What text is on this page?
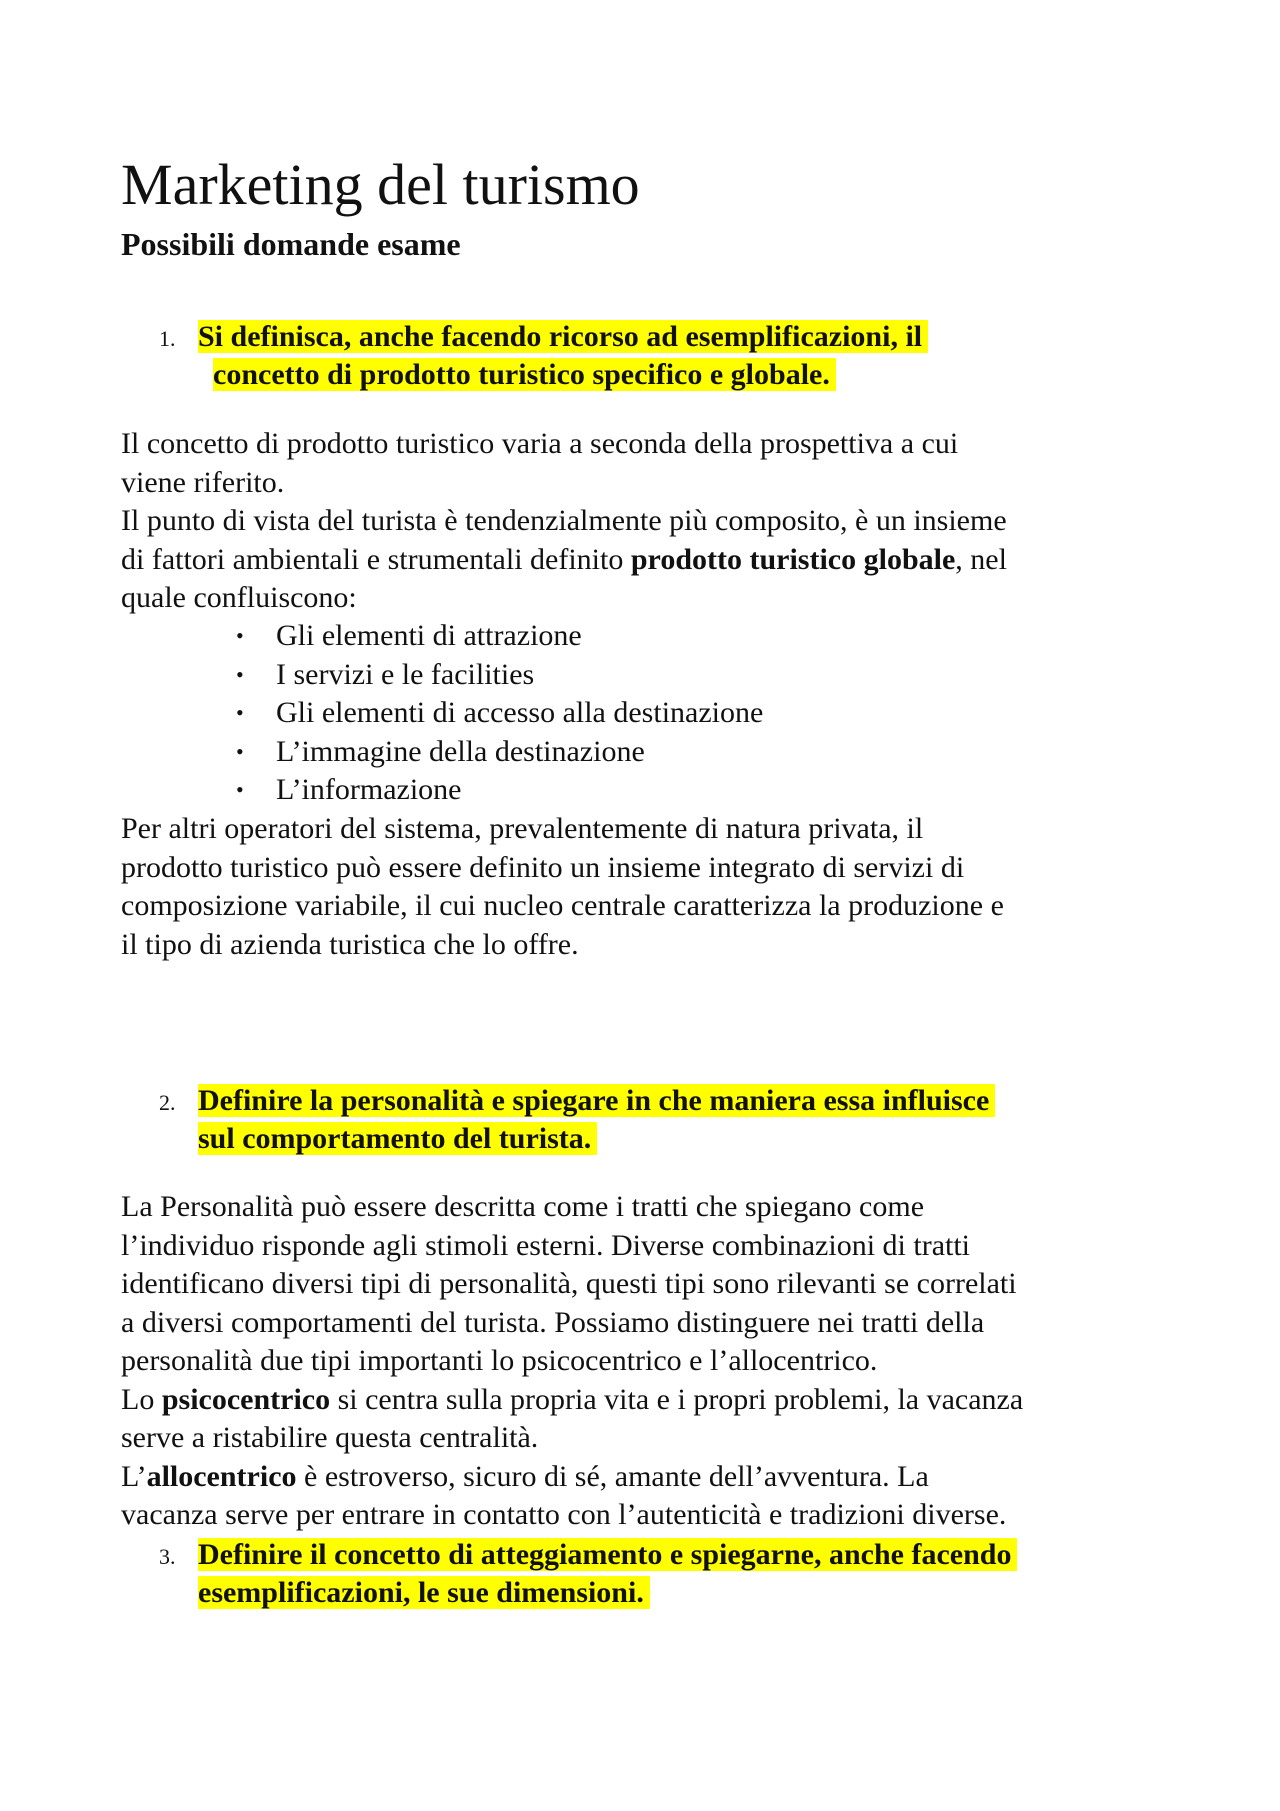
Marketing del turismo
Possibili domande esame
1. Si definisca, anche facendo ricorso ad esemplificazioni, il
concetto di prodotto turistico specifico e globale.
Il concetto di prodotto turistico varia a seconda della prospettiva a cui
viene riferito.
Il punto di vista del turista è tendenzialmente più composito, è un insieme
di fattori ambientali e strumentali definito prodotto turistico globale, nel
quale confluiscono:
• Gli elementi di attrazione
• I servizi e le facilities
• Gli elementi di accesso alla destinazione
• L’immagine della destinazione
• L’informazione
Per altri operatori del sistema, prevalentemente di natura privata, il
prodotto turistico può essere definito un insieme integrato di servizi di
composizione variabile, il cui nucleo centrale caratterizza la produzione e
il tipo di azienda turistica che lo offre.
2. Definire la personalità e spiegare in che maniera essa influisce
sul comportamento del turista.
La Personalità può essere descritta come i tratti che spiegano come
l’individuo risponde agli stimoli esterni. Diverse combinazioni di tratti
identificano diversi tipi di personalità, questi tipi sono rilevanti se correlati
a diversi comportamenti del turista. Possiamo distinguere nei tratti della
personalità due tipi importanti lo psicocentrico e l’allocentrico.
Lo psicocentrico si centra sulla propria vita e i propri problemi, la vacanza
serve a ristabilire questa centralità.
L’allocentrico è estroverso, sicuro di sé, amante dell’avventura. La
vacanza serve per entrare in contatto con l’autenticità e tradizioni diverse.
3. Definire il concetto di atteggiamento e spiegarne, anche facendo
esemplificazioni, le sue dimensioni.
